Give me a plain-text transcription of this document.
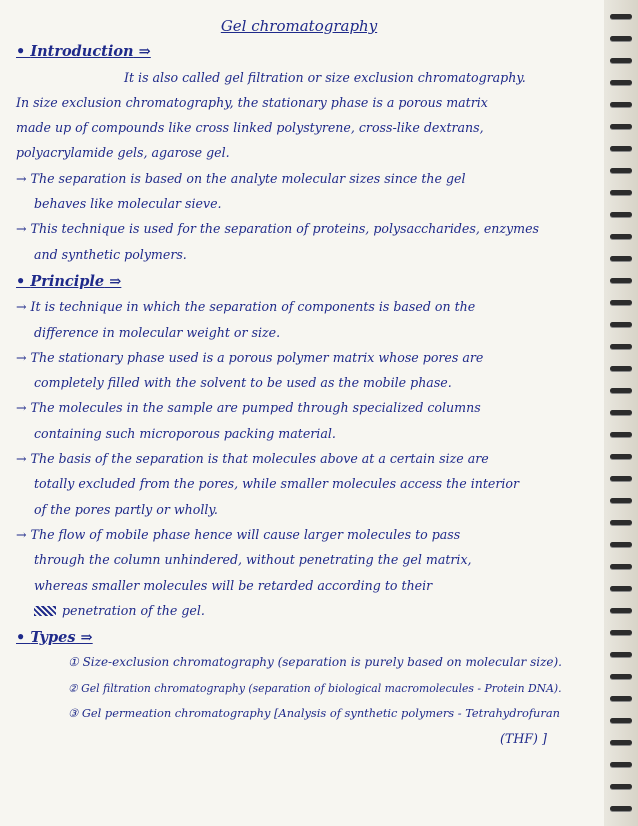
Gel chromatography
• Introduction ⇒
It is also called gel filtration or size exclusion chromatography.
In size exclusion chromatography, the stationary phase is a porous matrix
made up of compounds like cross linked polystyrene, cross-like dextrans,
polyacrylamide gels, agarose gel.
→ The separation is based on the analyte molecular sizes since the gel
behaves like molecular sieve.
→ This technique is used for the separation of proteins, polysaccharides, enzymes
and synthetic polymers.
• Principle ⇒
→ It is technique in which the separation of components is based on the
difference in molecular weight or size.
→ The stationary phase used is a porous polymer matrix whose pores are
completely filled with the solvent to be used as the mobile phase.
→ The molecules in the sample are pumped through specialized columns
containing such microporous packing material.
→ The basis of the separation is that molecules above at a certain size are
totally excluded from the pores, while smaller molecules access the interior
of the pores partly or wholly.
→ The flow of mobile phase hence will cause larger molecules to pass
through the column unhindered, without penetrating the gel matrix,
whereas smaller molecules will be retarded according to their
penetration of the gel.
• Types ⇒
① Size-exclusion chromatography (separation is purely based on molecular size).
② Gel filtration chromatography (separation of biological macromolecules - Protein DNA).
③ Gel permeation chromatography [Analysis of synthetic polymers - Tetrahydrofuran
(THF) ]
